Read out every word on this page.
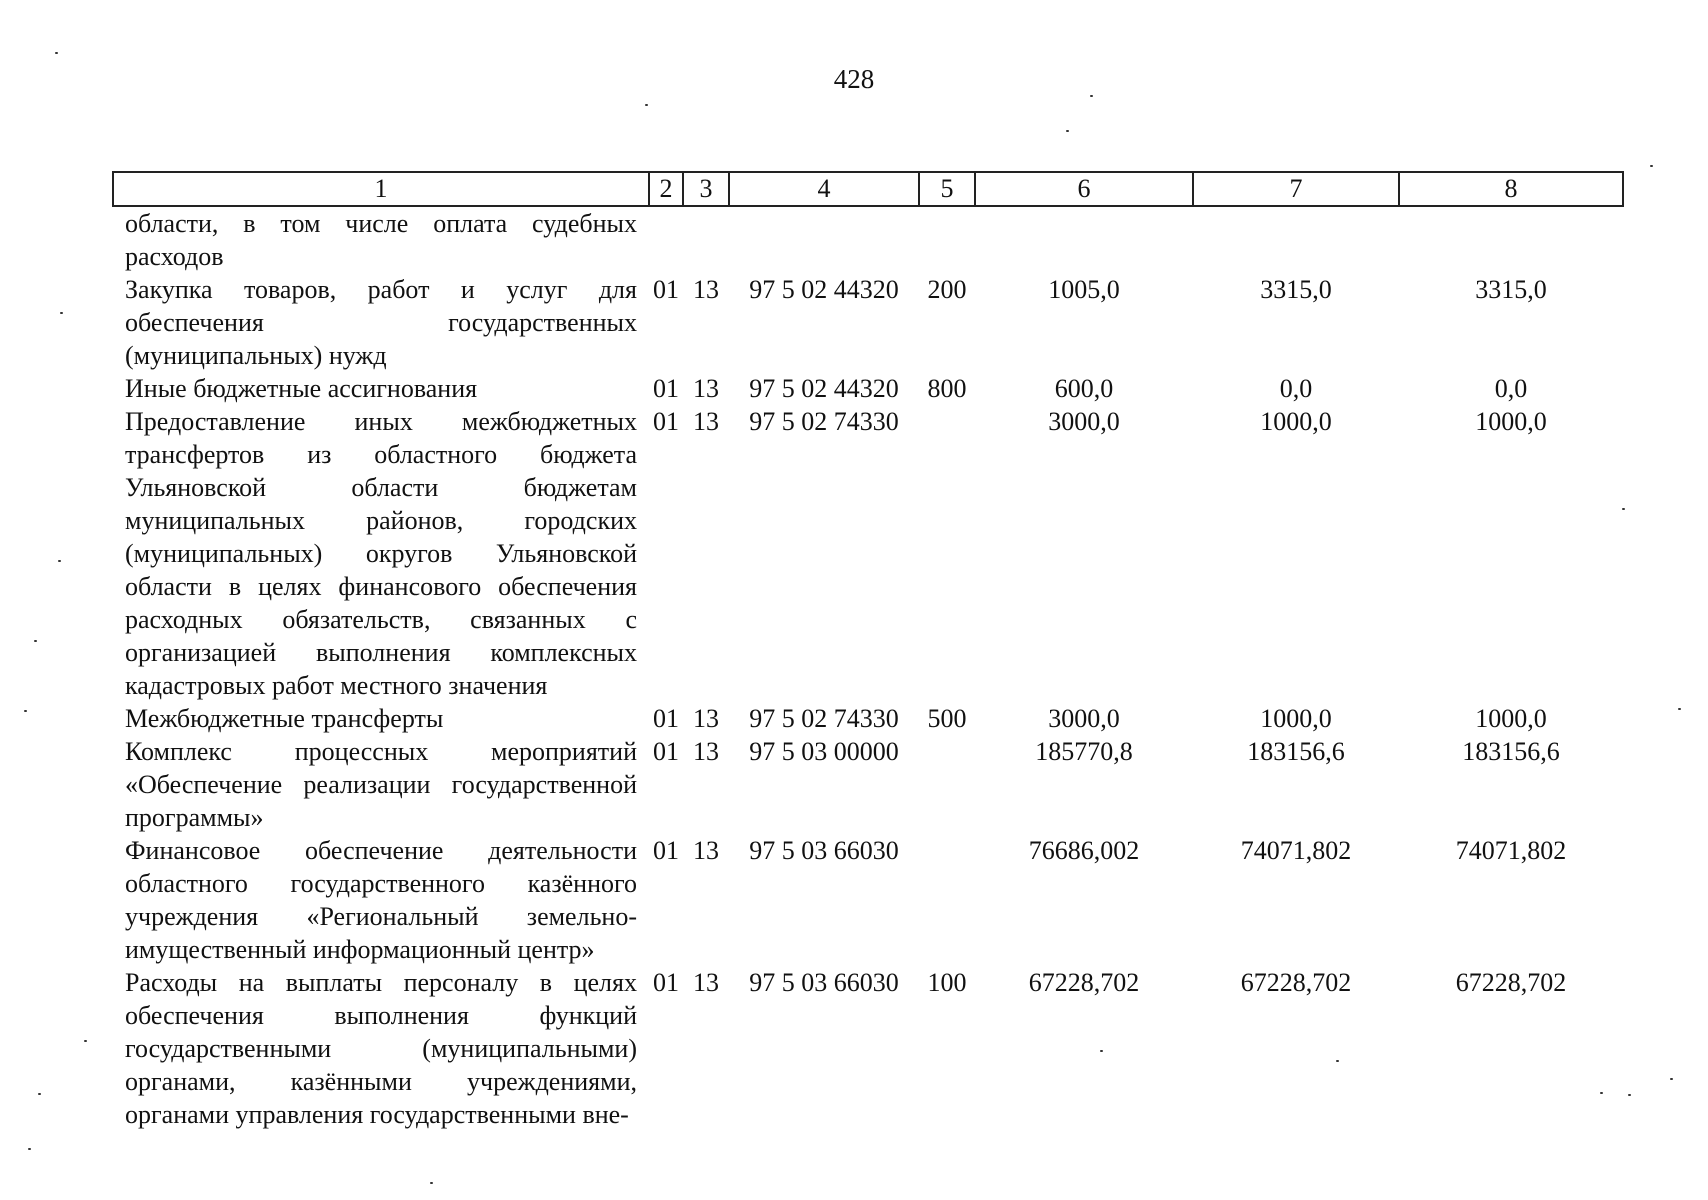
428
1	2	3	4	5	6	7	8
области, в том числе оплата судебных расходов							
Закупка товаров, работ и услуг для обеспечения государственных (муниципальных) нужд	01	13	97 5 02 44320	200	1005,0	3315,0	3315,0
Иные бюджетные ассигнования	01	13	97 5 02 44320	800	600,0	0,0	0,0
Предоставление иных межбюджетных трансфертов из областного бюджета Ульяновской области бюджетам муниципальных районов, городских (муниципальных) округов Ульяновской области в целях финансового обеспечения расходных обязательств, связанных с организацией выполнения комплексных кадастровых работ местного значения	01	13	97 5 02 74330		3000,0	1000,0	1000,0
Межбюджетные трансферты	01	13	97 5 02 74330	500	3000,0	1000,0	1000,0
Комплекс процессных мероприятий «Обеспечение реализации государственной программы»	01	13	97 5 03 00000		185770,8	183156,6	183156,6
Финансовое обеспечение деятельности областного государственного казённого учреждения «Региональный земельно-имущественный информационный центр»	01	13	97 5 03 66030		76686,002	74071,802	74071,802
Расходы на выплаты персоналу в целях обеспечения выполнения функций государственными (муниципальными) органами, казёнными учреждениями, органами управления государственными вне-	01	13	97 5 03 66030	100	67228,702	67228,702	67228,702
